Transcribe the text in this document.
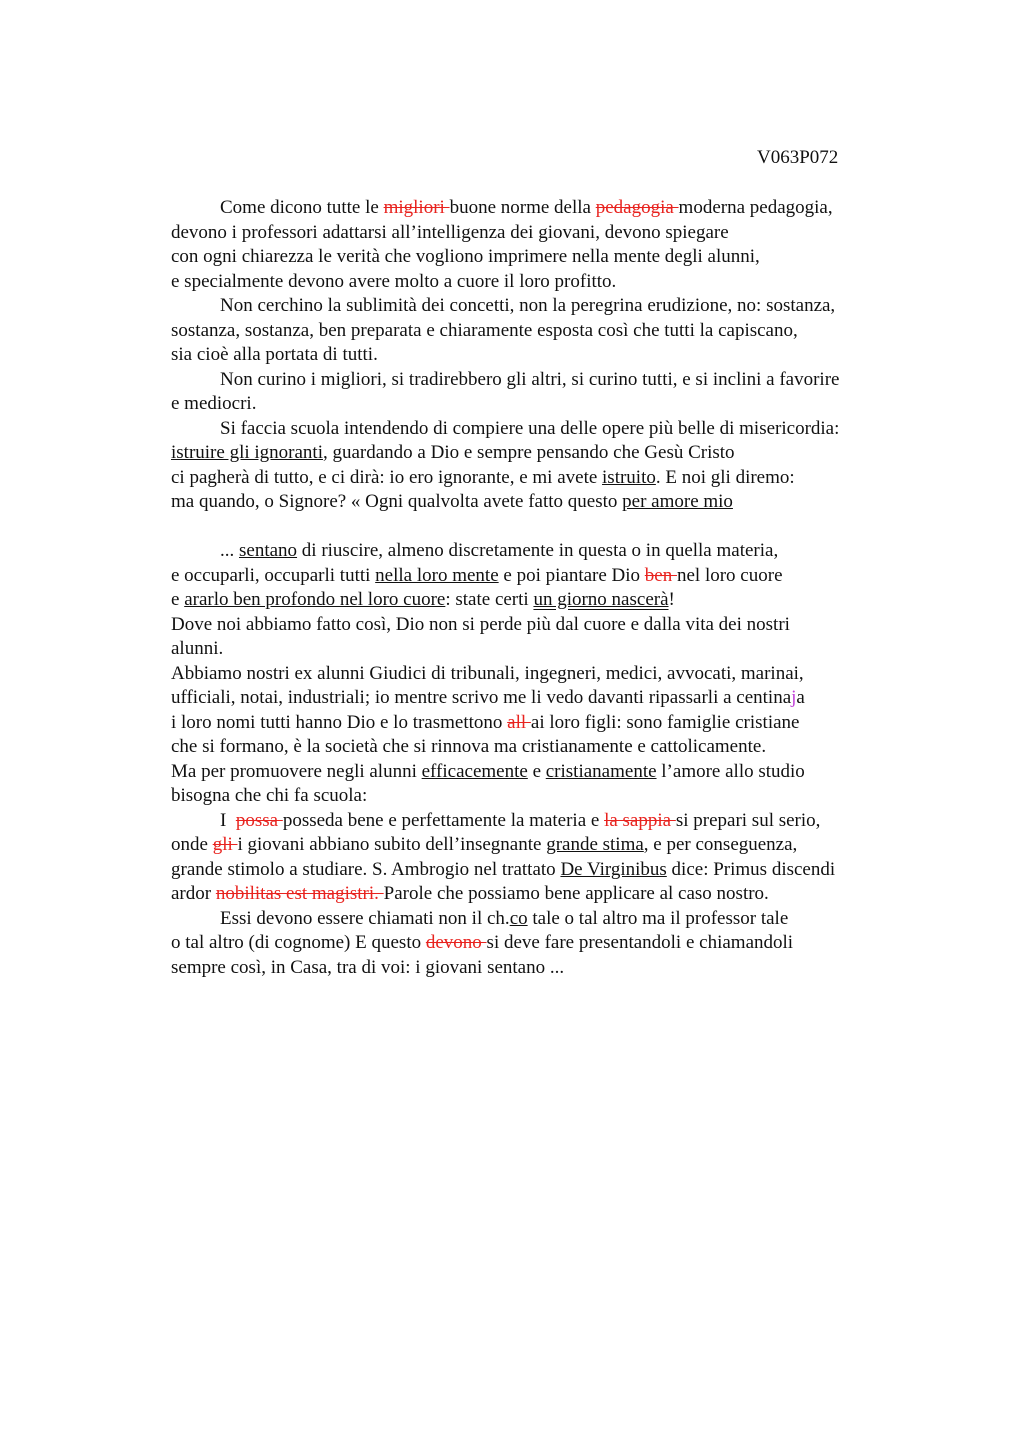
V063P072
Come dicono tutte le migliori buone norme della pedagogia moderna pedagogia,
devono i professori adattarsi all’intelligenza dei giovani, devono spiegare
con ogni chiarezza le verità che vogliono imprimere nella mente degli alunni,
e specialmente devono avere molto a cuore il loro profitto.
Non cerchino la sublimità dei concetti, non la peregrina erudizione, no: sostanza,
sostanza, sostanza, ben preparata e chiaramente esposta così che tutti la capiscano,
sia cioè alla portata di tutti.
Non curino i migliori, si tradirebbero gli altri, si curino tutti, e si inclini a favorire
e mediocri.
Si faccia scuola intendendo di compiere una delle opere più belle di misericordia:
istruire gli ignoranti, guardando a Dio e sempre pensando che Gesù Cristo
ci pagherà di tutto, e ci dirà: io ero ignorante, e mi avete istruito. E noi gli diremo:
ma quando, o Signore? « Ogni qualvolta avete fatto questo per amore mio
... sentano di riuscire, almeno discretamente in questa o in quella materia,
e occuparli, occuparli tutti nella loro mente e poi piantare Dio ben nel loro cuore
e ararlo ben profondo nel loro cuore: state certi un giorno nascerà!
Dove noi abbiamo fatto così, Dio non si perde più dal cuore e dalla vita dei nostri
alunni.
Abbiamo nostri ex alunni Giudici di tribunali, ingegneri, medici, avvocati, marinai,
ufficiali, notai, industriali; io mentre scrivo me li vedo davanti ripassarli a centinaja
i loro nomi tutti hanno Dio e lo trasmettono all ai loro figli: sono famiglie cristiane
che si formano, è la società che si rinnova ma cristianamente e cattolicamente.
Ma per promuovere negli alunni efficacemente e cristianamente l’amore allo studio
bisogna che chi fa scuola:
I  possa posseda bene e perfettamente la materia e la sappia si prepari sul serio,
onde gli i giovani abbiano subito dell’insegnante grande stima, e per conseguenza,
grande stimolo a studiare. S. Ambrogio nel trattato De Virginibus dice: Primus discendi
ardor nobilitas est magistri. Parole che possiamo bene applicare al caso nostro.
Essi devono essere chiamati non il ch.co tale o tal altro ma il professor tale
o tal altro (di cognome) E questo devono si deve fare presentandoli e chiamandoli
sempre così, in Casa, tra di voi: i giovani sentano ...
